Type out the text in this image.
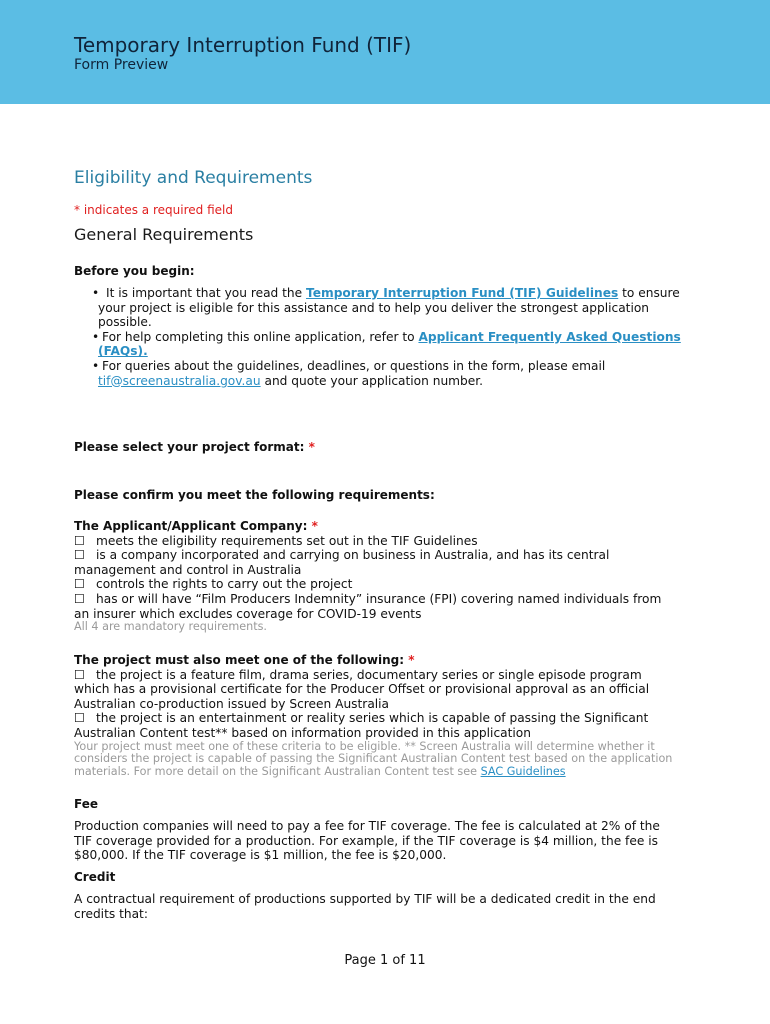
Temporary Interruption Fund (TIF)
Form Preview
Eligibility and Requirements
* indicates a required field
General Requirements
Before you begin:
• It is important that you read the Temporary Interruption Fund (TIF) Guidelines to ensure your project is eligible for this assistance and to help you deliver the strongest application possible.
• For help completing this online application, refer to Applicant Frequently Asked Questions (FAQs).
• For queries about the guidelines, deadlines, or questions in the form, please email
tif@screenaustralia.gov.au and quote your application number.
Please select your project format: *
Please confirm you meet the following requirements:
The Applicant/Applicant Company: *
☐ meets the eligibility requirements set out in the TIF Guidelines
☐ is a company incorporated and carrying on business in Australia, and has its central management and control in Australia
☐ controls the rights to carry out the project
☐ has or will have “Film Producers Indemnity” insurance (FPI) covering named individuals from an insurer which excludes coverage for COVID-19 events
All 4 are mandatory requirements.
The project must also meet one of the following: *
☐ the project is a feature film, drama series, documentary series or single episode program which has a provisional certificate for the Producer Offset or provisional approval as an official Australian co-production issued by Screen Australia
☐ the project is an entertainment or reality series which is capable of passing the Significant Australian Content test** based on information provided in this application
Your project must meet one of these criteria to be eligible. ** Screen Australia will determine whether it considers the project is capable of passing the Significant Australian Content test based on the application materials. For more detail on the Significant Australian Content test see SAC Guidelines
Fee
Production companies will need to pay a fee for TIF coverage. The fee is calculated at 2% of the TIF coverage provided for a production. For example, if the TIF coverage is $4 million, the fee is $80,000. If the TIF coverage is $1 million, the fee is $20,000.
Credit
A contractual requirement of productions supported by TIF will be a dedicated credit in the end credits that:
Page 1 of 11
